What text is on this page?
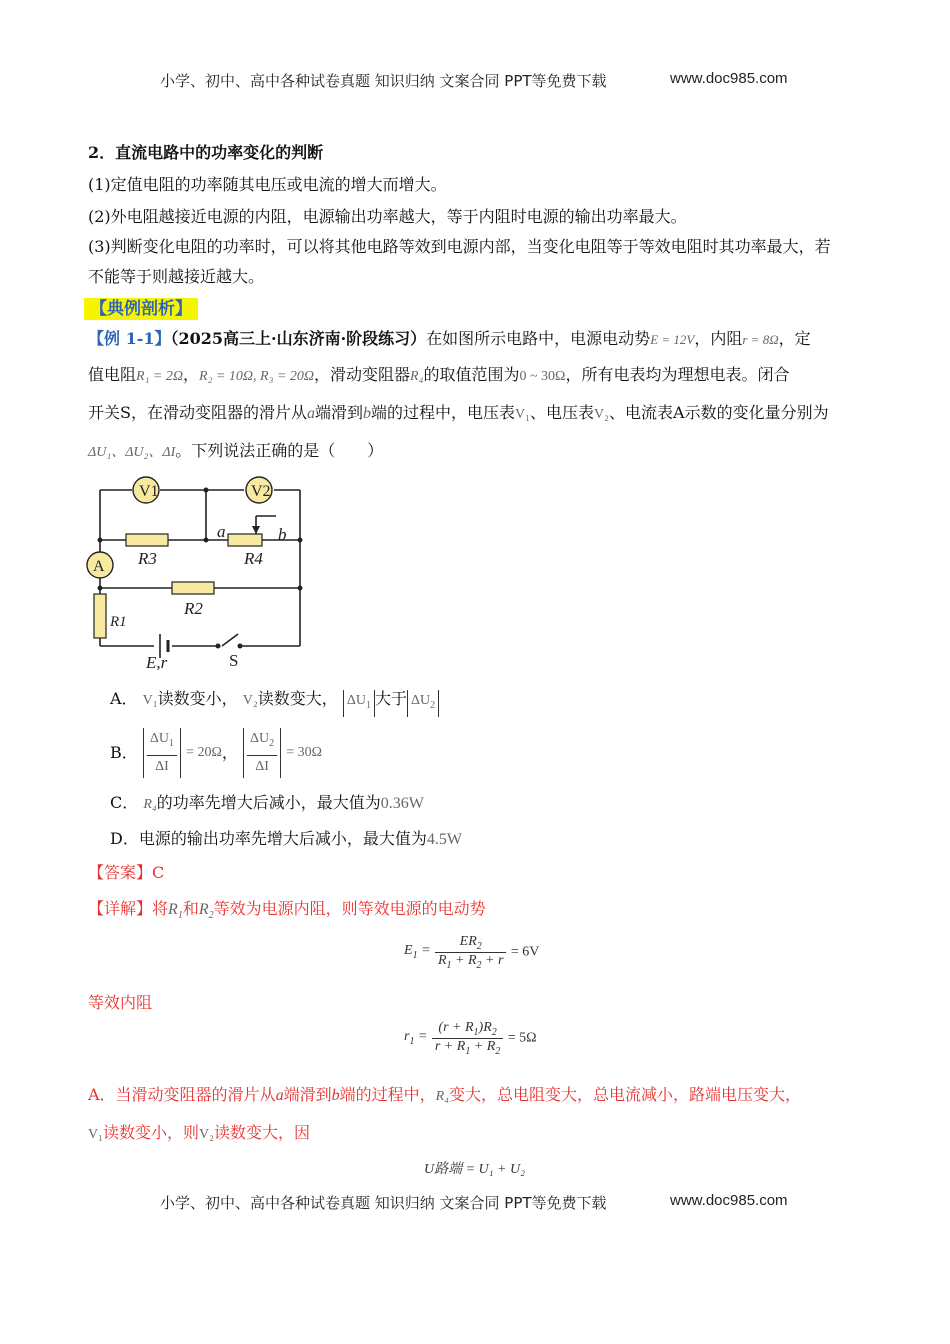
小学、初中、高中各种试卷真题 知识归纳 文案合同 PPT等免费下载	www.doc985.com
2．直流电路中的功率变化的判断
(1)定值电阻的功率随其电压或电流的增大而增大。
(2)外电阻越接近电源的内阻，电源输出功率越大，等于内阻时电源的输出功率最大。
(3)判断变化电阻的功率时，可以将其他电路等效到电源内部，当变化电阻等于等效电阻时其功率最大，若
不能等于则越接近越大。
【典例剖析】
【例 1-1】（2025高三上·山东济南·阶段练习）在如图所示电路中，电源电动势E = 12V，内阻r = 8Ω，定
值电阻R₁ = 2Ω，R₂ = 10Ω, R₃ = 20Ω，滑动变阻器R₄的取值范围为0 ~ 30Ω，所有电表均为理想电表。闭合
开关S，在滑动变阻器的滑片从a端滑到b端的过程中，电压表V₁、电压表V₂、电流表A示数的变化量分别为
ΔU₁、ΔU₂、ΔI。下列说法正确的是（　　）
V1	V2
A R3	R4
R2
R1
a	b
E,r	S
A． V₁读数变小， V₂读数变大， $\Delta U_1$ 大于 $\Delta U_2$
B． $\frac{\Delta U_1}{\Delta I} = 20\Omega$， $\frac{\Delta U_2}{\Delta I} = 30\Omega$
C． R₄的功率先增大后减小，最大值为0.36W
D．电源的输出功率先增大后减小，最大值为4.5W
【答案】C
【详解】将$R_1$和$R_2$等效为电源内阻，则等效电源的电动势
$E_1 = \frac{ER_2}{R_1 + R_2 + r} = 6V$
等效内阻
$r_1 = \frac{(r + R_1)R_2}{r + R_1 + R_2} = 5\Omega$
A．当滑动变阻器的滑片从a端滑到b端的过程中，R₄变大，总电阻变大，总电流减小，路端电压变大，
V₁读数变小，则V₂读数变大，因
U路端 = U₁ + U₂
小学、初中、高中各种试卷真题 知识归纳 文案合同 PPT等免费下载	www.doc985.com
